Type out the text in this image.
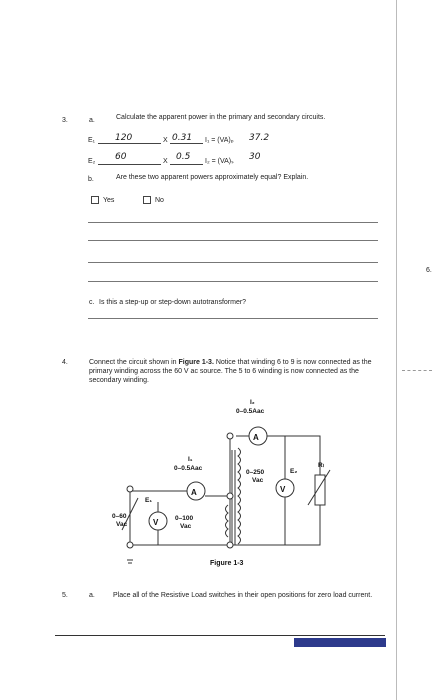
3.	a.	Calculate the apparent power in the primary and secondary circuits.
E₁ 120	X 0.31 I₁ = (VA)ₚ 37.2
E₂ 60	X 0.5 I₂ = (VA)ₛ 30
b.	Are these two apparent powers approximately equal? Explain.
Yes	No
6.
c. Is this a step-up or step-down autotransformer?
4.	Connect the circuit shown in Figure 1-3. Notice that winding 6 to 9 is now connected as the primary winding across the 60 V ac source. The 5 to 6 winding is now connected as the secondary winding.
A
A
V
V
I₂
0–0.5Aac
I₁
0–0.5Aac
E₁
0–60
Vac
0–100
Vac
0–250
Vac
E₂
Rₗ
Figure 1-3
5.	a.	Place all of the Resistive Load switches in their open positions for zero load current.
